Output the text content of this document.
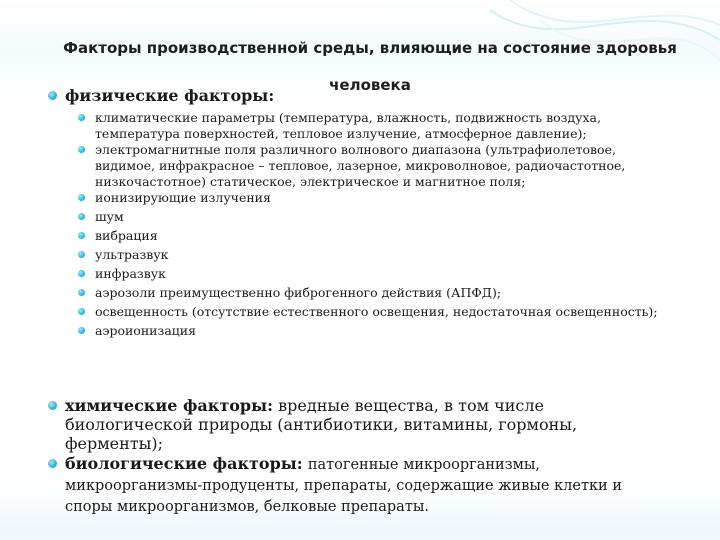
Факторы производственной среды, влияющие на состояние здоровья человека
физические факторы:
климатические параметры (температура, влажность, подвижность воздуха, температура поверхностей, тепловое излучение, атмосферное давление);
электромагнитные поля различного волнового диапазона (ультрафиолетовое, видимое, инфракрасное – тепловое, лазерное, микроволновое, радиочастотное, низкочастотное) статическое, электрическое и магнитное поля;
ионизирующие излучения
шум
вибрация
ультразвук
инфразвук
аэрозоли преимущественно фиброгенного действия (АПФД);
освещенность (отсутствие естественного освещения, недостаточная освещенность);
аэроионизация
химические факторы: вредные вещества, в том числе биологической природы (антибиотики, витамины, гормоны, ферменты);
биологические факторы: патогенные микроорганизмы, микроорганизмы-продуценты, препараты, содержащие живые клетки и споры микроорганизмов, белковые препараты.
